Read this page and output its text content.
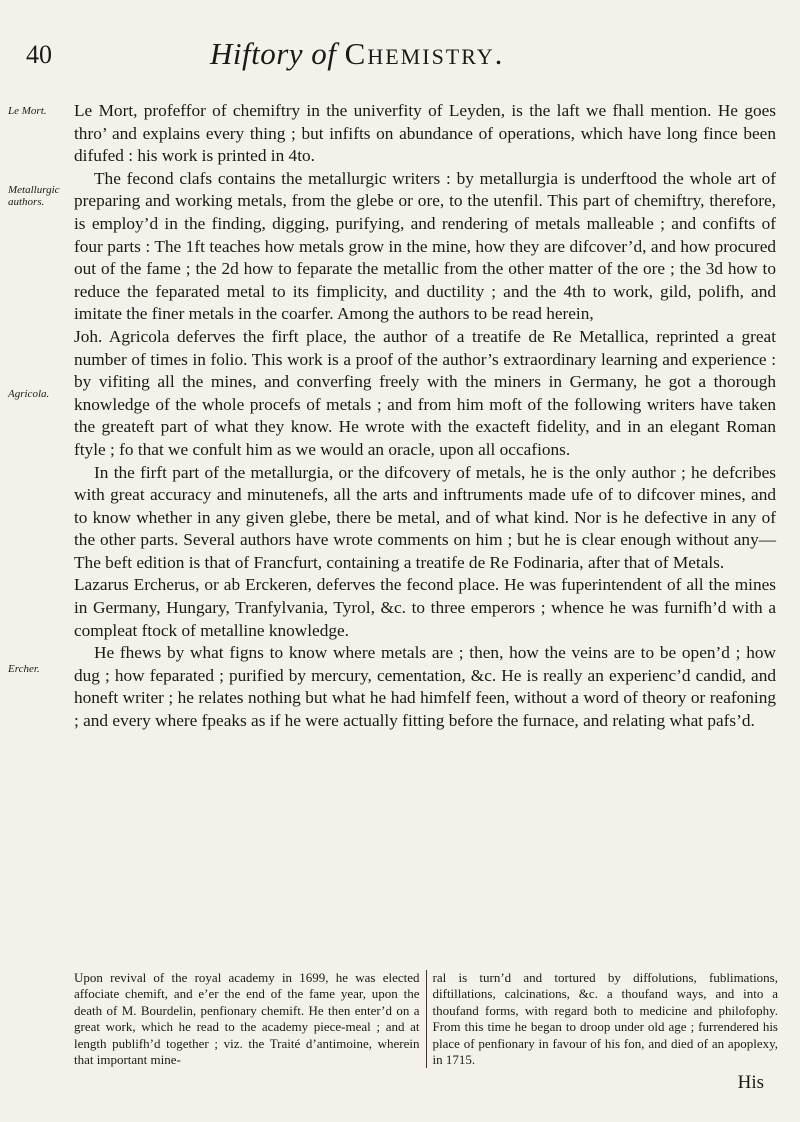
40	Hiftory of Chemistry.
Le Mort.
Metallurgic authors.
Agricola.
Ercher.

Le Mort, profeffor of chemiftry in the univerfity of Leyden, is the laft we fhall mention. He goes thro’ and explains every thing ; but infifts on abundance of operations, which have long fince been difufed : his work is printed in 4to.

The fecond clafs contains the metallurgic writers : by metallurgia is underftood the whole art of preparing and working metals, from the glebe or ore, to the utenfil. This part of chemiftry, therefore, is employ’d in the finding, digging, purifying, and rendering of metals malleable ; and confifts of four parts : The 1ft teaches how metals grow in the mine, how they are difcover’d, and how procured out of the fame ; the 2d how to feparate the metallic from the other matter of the ore ; the 3d how to reduce the feparated metal to its fimplicity, and ductility ; and the 4th to work, gild, polifh, and imitate the finer metals in the coarfer. Among the authors to be read herein,

Joh. Agricola deferves the firft place, the author of a treatife de Re Metallica, reprinted a great number of times in folio. This work is a proof of the author’s extraordinary learning and experience : by vifiting all the mines, and converfing freely with the miners in Germany, he got a thorough knowledge of the whole procefs of metals ; and from him moft of the following writers have taken the greateft part of what they know. He wrote with the exacteft fidelity, and in an elegant Roman ftyle ; fo that we confult him as we would an oracle, upon all occafions.

In the firft part of the metallurgia, or the difcovery of metals, he is the only author ; he defcribes with great accuracy and minutenefs, all the arts and inftruments made ufe of to difcover mines, and to know whether in any given glebe, there be metal, and of what kind. Nor is he defective in any of the other parts. Several authors have wrote comments on him ; but he is clear enough without any—The beft edition is that of Francfurt, containing a treatife de Re Fodinaria, after that of Metals.

Lazarus Ercherus, or ab Erckeren, deferves the fecond place. He was fuperintendent of all the mines in Germany, Hungary, Tranfylvania, Tyrol, &c. to three emperors ; whence he was furnifh’d with a compleat ftock of metalline knowledge.

He fhews by what figns to know where metals are ; then, how the veins are to be open’d ; how dug ; how feparated ; purified by mercury, cementation, &c. He is really an experienc’d candid, and honeft writer ; he relates nothing but what he had himfelf feen, without a word of theory or reafoning ; and every where fpeaks as if he were actually fitting before the furnace, and relating what pafs’d.

Upon revival of the royal academy in 1699, he was elected affociate chemift, and e’er the end of the fame year, upon the death of M. Bourdelin, penfionary chemift. He then enter’d on a great work, which he read to the academy piece-meal ; and at length publifh’d together ; viz. the Traité d’antimoine, wherein that important mine-
ral is turn’d and tortured by diffolutions, fublimations, diftillations, calcinations, &c. a thoufand ways, and into a thoufand forms, with regard both to medicine and philofophy. From this time he began to droop under old age ; furrendered his place of penfionary in favour of his fon, and died of an apoplexy, in 1715.
His
